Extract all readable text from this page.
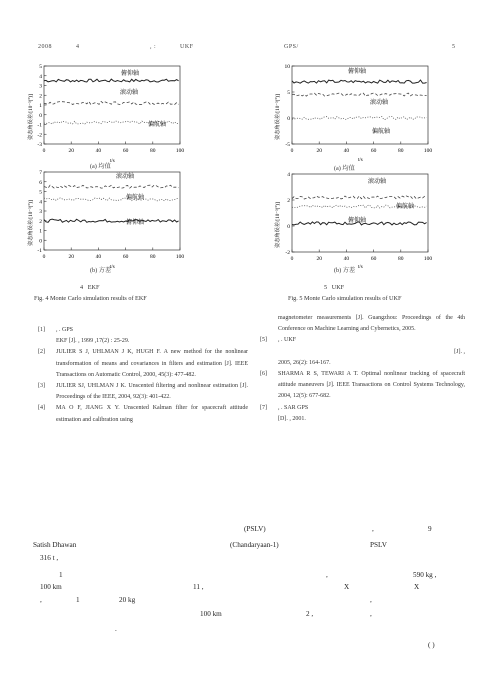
2008	4	, :	UKF	GPS/	5
5
4
3
2
1
0
-1
-2
-3
0	20	40	60	80	100
俯仰轴
滚动轴
偏航轴
姿态角误差/[10⁻³(°)]
t/s
(a) 均值
7
6
5
4
3
2
1
0
-1
0	20	40	60	80	100
滚动轴
偏航轴
俯仰轴
姿态角误差/[10⁻³(°)]
t/s
(b) 方差
4 EKF
Fig. 4 Monte Carlo simulation results of EKF
10
5
0
-5
0	20	40	60	80	100
俯仰轴
滚动轴
偏航轴
姿态角误差/[10⁻³(°)]
t/s
(a) 均值
4
2
0
-2
0	20	40	60	80	100
滚动轴
偏航轴
俯仰轴
姿态角误差/[10⁻³(°)]
t/s
(b) 方差
5 UKF
Fig. 5 Monte Carlo simulation results of UKF
[1]	, . GPS
EKF [J]. , 1999 ,17(2) : 25-29.
[2]	JULIER S J, UHLMAN J K, HUGH F. A new method for the nonlinear transformation of means and covariances in filters and estimation [J]. IEEE Transactions on Automatic Control, 2000, 45(3): 477-482.
[3]	JULIER SJ, UHLMAN J K. Unscented filtering and nonlinear estimation [J]. Proceedings of the IEEE, 2004, 92(3): 401-422.
[4]	MA O F, JIANG X Y. Unscented Kalman filter for spacecraft attitude estimation and calibration using
magnetometer measurements [J]. Guangzhou: Proceedings of the 4th Conference on Machine Learning and Cybernetics, 2005.
[5]	, . UKF
[J]. ,
2005, 26(2): 164-167.
[6]	SHARMA R S, TEWARI A T. Optimal nonlinear tracking of spacecraft attitude maneuvers [J]. IEEE Transactions on Control Systems Technology, 2004, 12(5): 677-682.
[7]	, . SAR GPS
[D]. , 2001.
(PSLV)	,	9
Satish Dhawan	(Chandaryaan-1)	PSLV
316 t ,
1	,	590 kg ,
100 km	11 ,	X	X
,	1	20 kg	,
100 km	2 ,	,
.
( )
